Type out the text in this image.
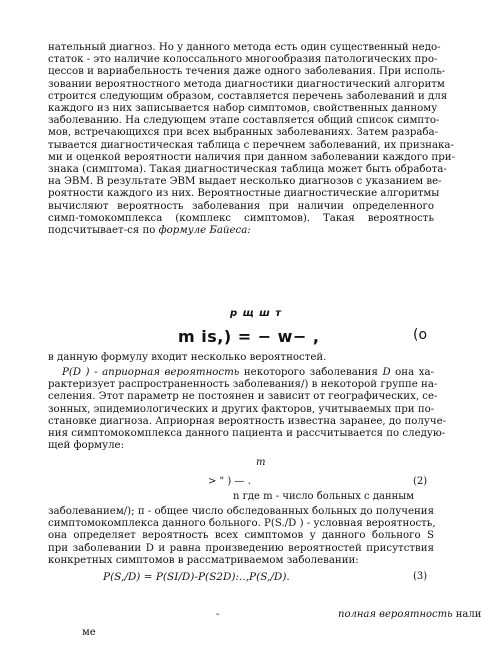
нательный диагноз. Но у данного метода есть один существенный недо-
статок - это наличие колоссального многообразия патологических про-
цессов и вариабельность течения даже одного заболевания. При исполь-
зовании вероятностного метода диагностики диагностический алгоритм
строится следующим образом, составляется перечень заболеваний и для
каждого из них записывается набор симптомов, свойственных данному
заболеванию. На следующем этапе составляется общий список симпто-
мов, встречающихся при всех выбранных заболеваниях. Затем разраба-
тывается диагностическая таблица с перечнем заболеваний, их признака-
ми и оценкой вероятности наличия при данном заболевании каждого при-
знака (симптома). Такая диагностическая таблица может быть обработа-
на ЭВМ. В результате ЭВМ выдает несколько диагнозов с указанием ве-
роятности каждого из них. Вероятностные диагностические алгоритмы
вычисляют вероятность заболевания при наличии определенного
симп-томокомплекса (комплекс симптомов). Такая вероятность
подсчитывает-ся по формуле Байеса:
р щ ш т
m is,) = − w− ,	(о
в данную формулу входит несколько вероятностей.
P(D ) - априорная вероятность некоторого заболевания D она ха-
рактеризует распространенность заболевания/) в некоторой группе на-
селения. Этот параметр не постоянен и зависит от географических, се-
зонных, эпидемиологических и других факторов, учитываемых при по-
становке диагноза. Априорная вероятность известна заранее, до получе-
ния симптомокомплекса данного пациента и рассчитывается по следую-
щей формуле:
m
> " ) — .	(2)
n где m - число больных с данным
заболеванием/); п - общее число обследованных больных до получения
симптомокомплекса данного больного. P(S./D ) - условная вероятность,
она определяет вероятность всех симптомов у данного больного S
при заболевании D и равна произведению вероятностей присутствия
конкретных симптомов в рассматриваемом заболевании:
P(S,/D) = P(SI/D)-P(S2D):..,P(S,/D).	(3)
-	полная вероятность нали
ме
